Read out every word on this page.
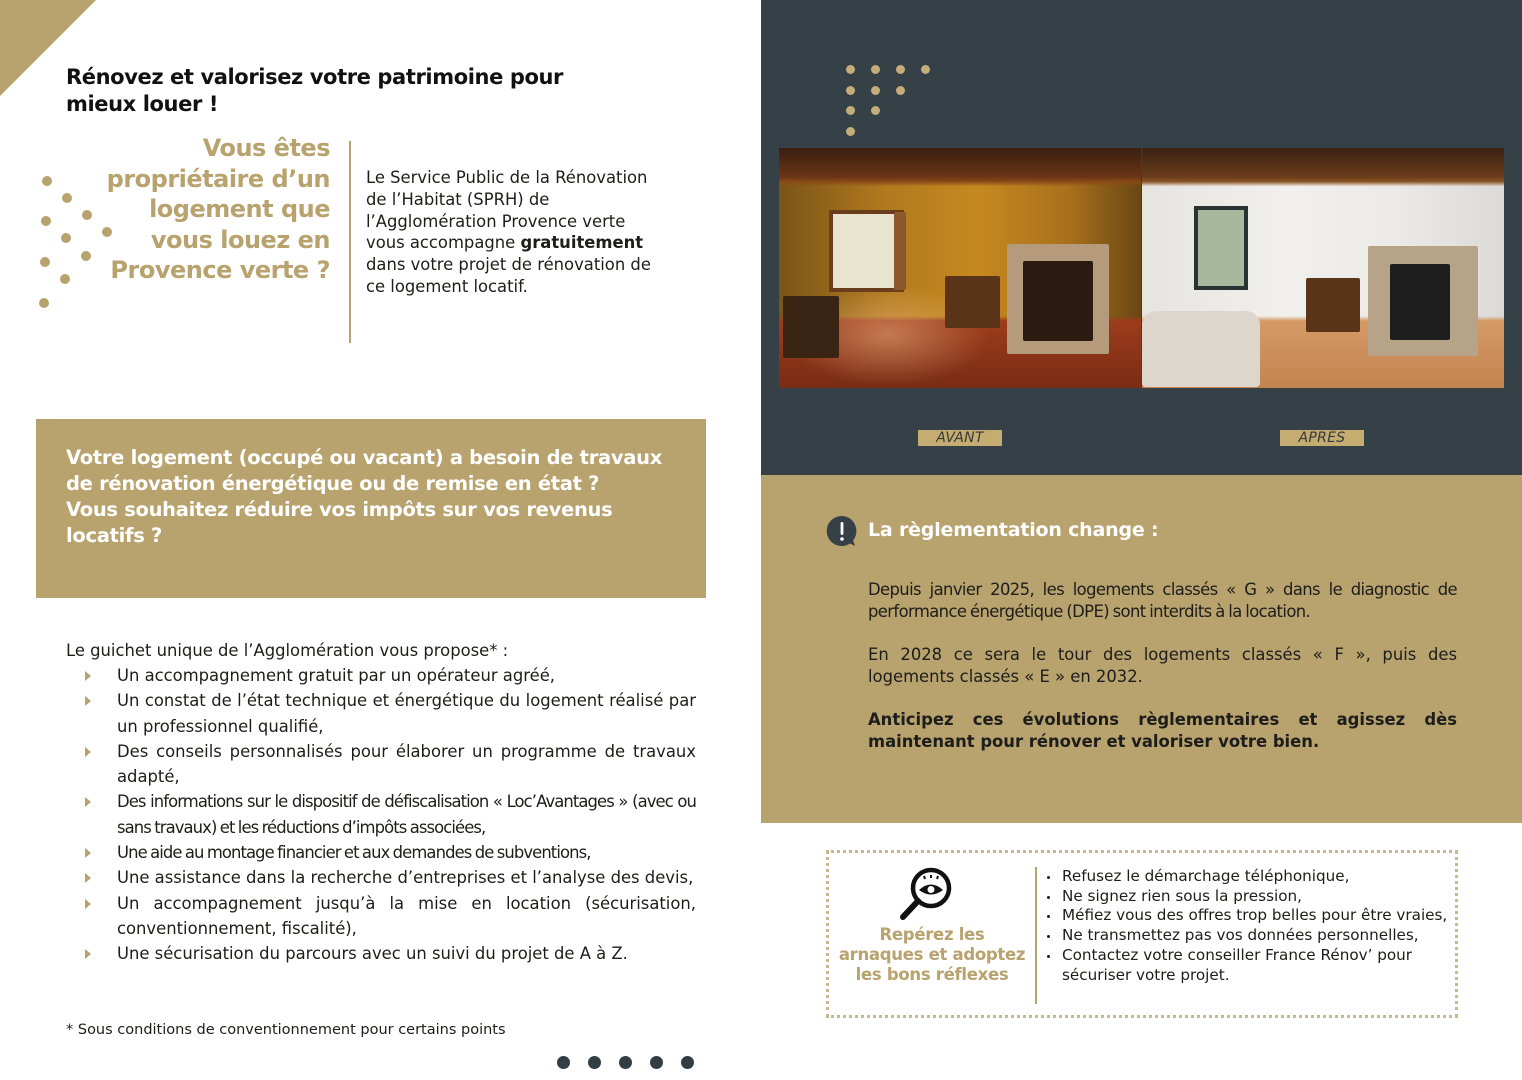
Rénovez et valorisez votre patrimoine pour mieux louer !
Vous êtes propriétaire d’un logement que vous louez en Provence verte ?

Le Service Public de la Rénovation de l’Habitat (SPRH) de l’Agglomération Provence verte vous accompagne gratuitement dans votre projet de rénovation de ce logement locatif.

Votre logement (occupé ou vacant) a besoin de travaux de rénovation énergétique ou de remise en état ?
Vous souhaitez réduire vos impôts sur vos revenus locatifs ?

Le guichet unique de l’Agglomération vous propose* :

Un accompagnement gratuit par un opérateur agréé,
Un constat de l’état technique et énergétique du logement réalisé par un professionnel qualifié,
Des conseils personnalisés pour élaborer un programme de travaux adapté,
Des informations sur le dispositif de défiscalisation « Loc’Avantages » (avec ou sans travaux) et les réductions d’impôts associées,
Une aide au montage financier et aux demandes de subventions,
Une assistance dans la recherche d’entreprises et l’analyse des devis,
Un accompagnement jusqu’à la mise en location (sécurisation, conventionnement, fiscalité),
Une sécurisation du parcours avec un suivi du projet de A à Z.

* Sous conditions de conventionnement pour certains points

AVANT	APRÈS
La règlementation change :

Depuis janvier 2025, les logements classés « G » dans le diagnostic de performance énergétique (DPE) sont interdits à la location.

En 2028 ce sera le tour des logements classés « F », puis des logements classés « E » en 2032.

Anticipez ces évolutions règlementaires et agissez dès maintenant pour rénover et valoriser votre bien.

Repérez les arnaques et adoptez les bons réflexes
Refusez le démarchage téléphonique,
Ne signez rien sous la pression,
Méfiez vous des offres trop belles pour être vraies,
Ne transmettez pas vos données personnelles,
Contactez votre conseiller France Rénov’ pour sécuriser votre projet.
